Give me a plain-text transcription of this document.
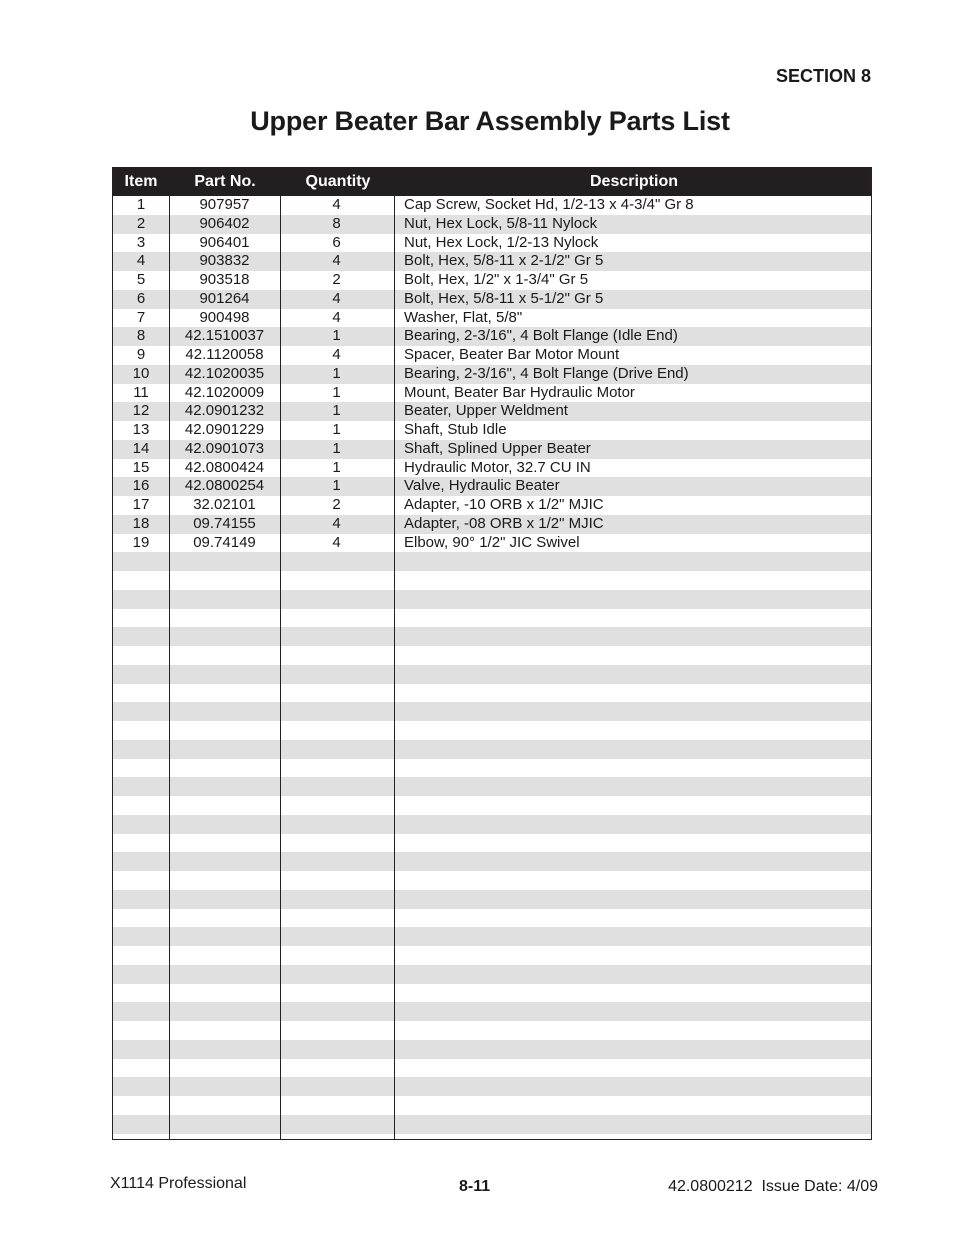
SECTION 8
Upper Beater Bar Assembly Parts List
Item	Part No.	Quantity	Description
1	907957	4	Cap Screw, Socket Hd, 1/2-13 x 4-3/4" Gr 8
2	906402	8	Nut, Hex Lock, 5/8-11 Nylock
3	906401	6	Nut, Hex Lock, 1/2-13 Nylock
4	903832	4	Bolt, Hex, 5/8-11 x 2-1/2" Gr 5
5	903518	2	Bolt, Hex, 1/2" x 1-3/4" Gr 5
6	901264	4	Bolt, Hex, 5/8-11 x 5-1/2" Gr 5
7	900498	4	Washer, Flat, 5/8"
8	42.1510037	1	Bearing, 2-3/16", 4 Bolt Flange (Idle End)
9	42.1120058	4	Spacer, Beater Bar Motor Mount
10	42.1020035	1	Bearing, 2-3/16", 4 Bolt Flange (Drive End)
11	42.1020009	1	Mount, Beater Bar Hydraulic Motor
12	42.0901232	1	Beater, Upper Weldment
13	42.0901229	1	Shaft, Stub Idle
14	42.0901073	1	Shaft, Splined Upper Beater
15	42.0800424	1	Hydraulic Motor, 32.7 CU IN
16	42.0800254	1	Valve, Hydraulic Beater
17	32.02101	2	Adapter, -10 ORB x 1/2" MJIC
18	09.74155	4	Adapter, -08 ORB x 1/2" MJIC
19	09.74149	4	Elbow, 90° 1/2" JIC Swivel
X1114 Professional	8-11	42.0800212  Issue Date: 4/09
